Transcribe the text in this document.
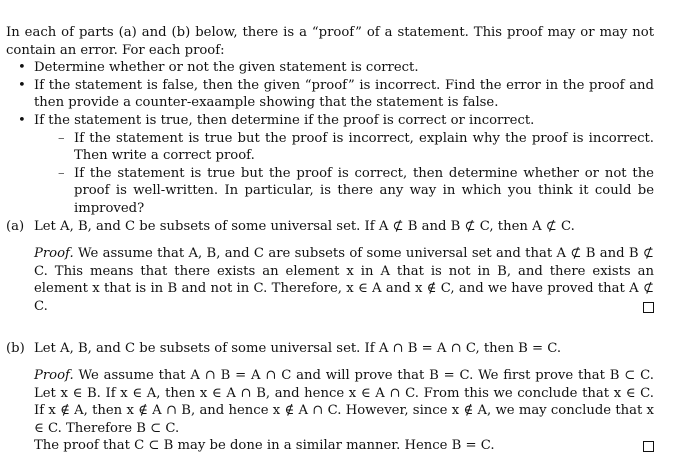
In each of parts (a) and (b) below, there is a “proof” of a statement. This proof may or may not contain an error. For each proof:

• Determine whether or not the given statement is correct.
• If the statement is false, then the given “proof” is incorrect. Find the error in the proof and then provide a counter-exaample showing that the statement is false.
• If the statement is true, then determine if the proof is correct or incorrect.
– If the statement is true but the proof is incorrect, explain why the proof is incorrect. Then write a correct proof.
– If the statement is true but the proof is correct, then determine whether or not the proof is well-written. In particular, is there any way in which you think it could be improved?
(a) Let A, B, and C be subsets of some universal set. If A ⊄ B and B ⊄ C, then A ⊄ C.

Proof. We assume that A, B, and C are subsets of some universal set and that A ⊄ B and B ⊄ C. This means that there exists an element x in A that is not in B, and there exists an element x that is in B and not in C. Therefore, x ∈ A and x ∉ C, and we have proved that A ⊄ C.

(b) Let A, B, and C be subsets of some universal set. If A ∩ B = A ∩ C, then B = C.

Proof. We assume that A ∩ B = A ∩ C and will prove that B = C. We first prove that B ⊂ C. Let x ∈ B. If x ∈ A, then x ∈ A ∩ B, and hence x ∈ A ∩ C. From this we conclude that x ∈ C. If x ∉ A, then x ∉ A ∩ B, and hence x ∉ A ∩ C. However, since x ∉ A, we may conclude that x ∈ C. Therefore B ⊂ C.

The proof that C ⊂ B may be done in a similar manner. Hence B = C.
